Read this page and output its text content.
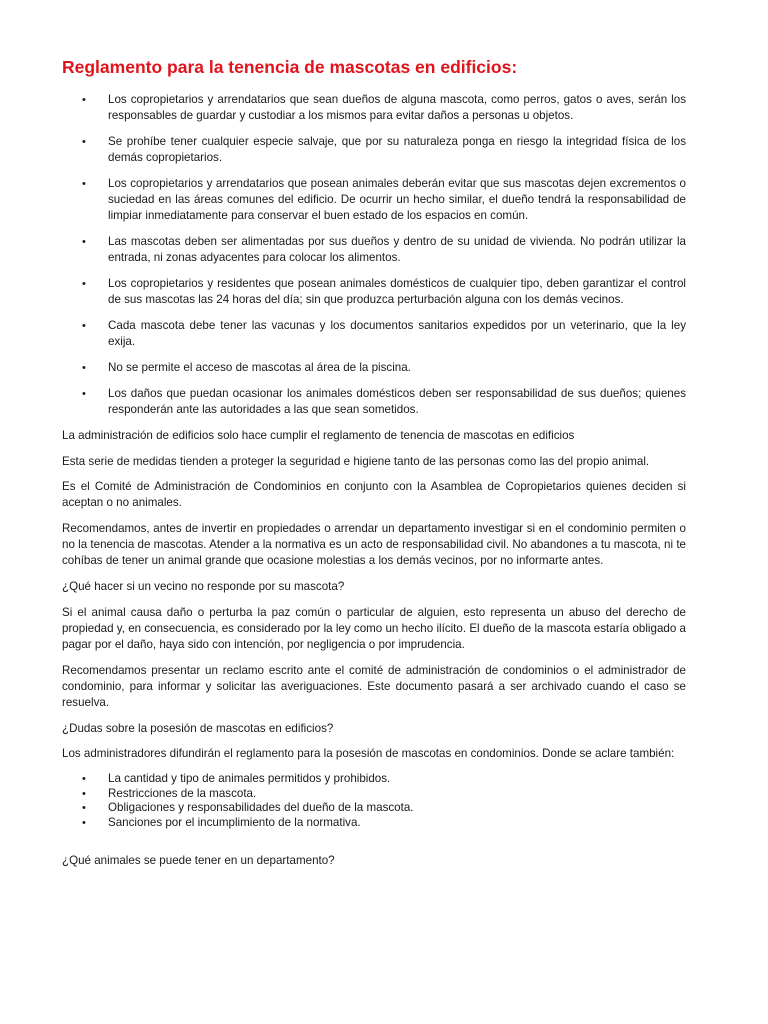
Reglamento para la tenencia de mascotas en edificios:
• Los copropietarios y arrendatarios que sean dueños de alguna mascota, como perros, gatos o aves, serán los responsables de guardar y custodiar a los mismos para evitar daños a personas u objetos.
• Se prohíbe tener cualquier especie salvaje, que por su naturaleza ponga en riesgo la integridad física de los demás copropietarios.
• Los copropietarios y arrendatarios que posean animales deberán evitar que sus mascotas dejen excrementos o suciedad en las áreas comunes del edificio. De ocurrir un hecho similar, el dueño tendrá la responsabilidad de limpiar inmediatamente para conservar el buen estado de los espacios en común.
• Las mascotas deben ser alimentadas por sus dueños y dentro de su unidad de vivienda. No podrán utilizar la entrada, ni zonas adyacentes para colocar los alimentos.
• Los copropietarios y residentes que posean animales domésticos de cualquier tipo, deben garantizar el control de sus mascotas las 24 horas del día; sin que produzca perturbación alguna con los demás vecinos.
• Cada mascota debe tener las vacunas y los documentos sanitarios expedidos por un veterinario, que la ley exija.
• No se permite el acceso de mascotas al área de la piscina.
• Los daños que puedan ocasionar los animales domésticos deben ser responsabilidad de sus dueños; quienes responderán ante las autoridades a las que sean sometidos.

La administración de edificios solo hace cumplir el reglamento de tenencia de mascotas en edificios

Esta serie de medidas tienden a proteger la seguridad e higiene tanto de las personas como las del propio animal.

Es el Comité de Administración de Condominios en conjunto con la Asamblea de Copropietarios quienes deciden si aceptan o no animales.

Recomendamos, antes de invertir en propiedades o arrendar un departamento investigar si en el condominio permiten o no la tenencia de mascotas. Atender a la normativa es un acto de responsabilidad civil. No abandones a tu mascota, ni te cohíbas de tener un animal grande que ocasione molestias a los demás vecinos, por no informarte antes.

¿Qué hacer si un vecino no responde por su mascota?

Si el animal causa daño o perturba la paz común o particular de alguien, esto representa un abuso del derecho de propiedad y, en consecuencia, es considerado por la ley como un hecho ilícito. El dueño de la mascota estaría obligado a pagar por el daño, haya sido con intención, por negligencia o por imprudencia.

Recomendamos presentar un reclamo escrito ante el comité de administración de condominios o el administrador de condominio, para informar y solicitar las averiguaciones. Este documento pasará a ser archivado cuando el caso se resuelva.

¿Dudas sobre la posesión de mascotas en edificios?

Los administradores difundirán el reglamento para la posesión de mascotas en condominios. Donde se aclare también:

• La cantidad y tipo de animales permitidos y prohibidos.
• Restricciones de la mascota.
• Obligaciones y responsabilidades del dueño de la mascota.
• Sanciones por el incumplimiento de la normativa.

¿Qué animales se puede tener en un departamento?
